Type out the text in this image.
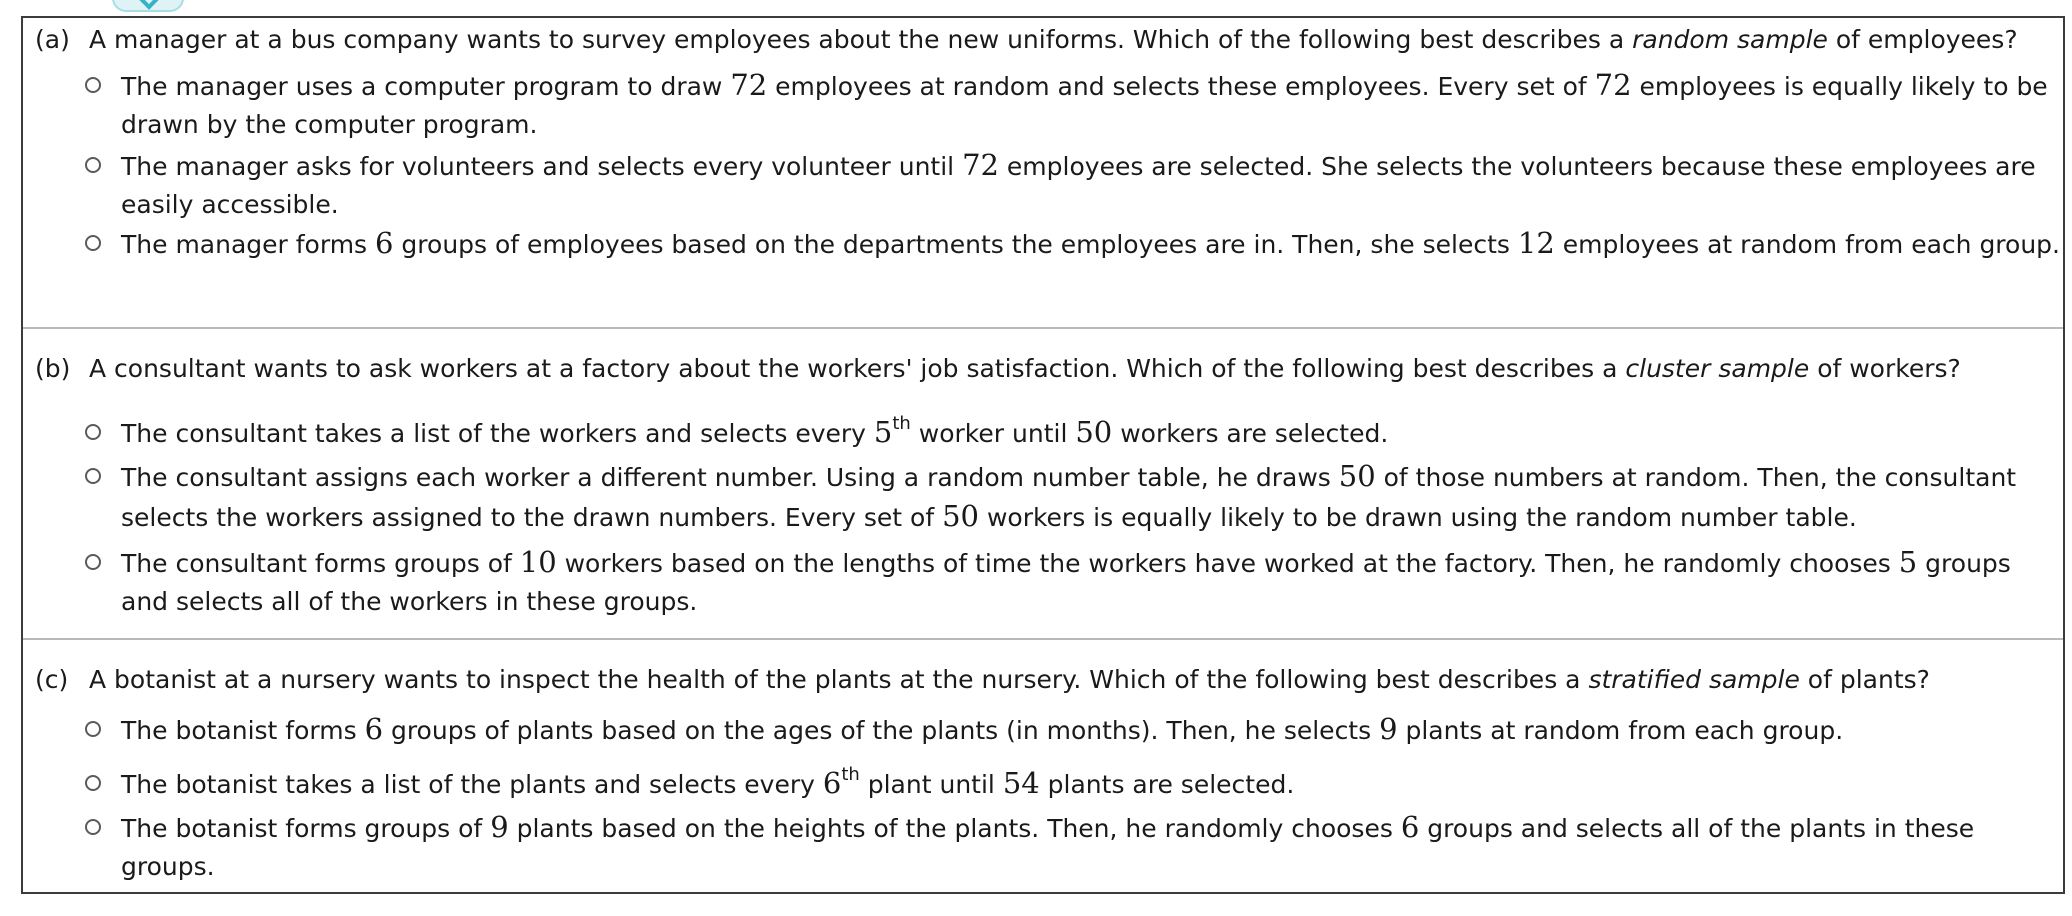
(a) A manager at a bus company wants to survey employees about the new uniforms. Which of the following best describes a random sample of employees?
The manager uses a computer program to draw 72 employees at random and selects these employees. Every set of 72 employees is equally likely to be drawn by the computer program.
The manager asks for volunteers and selects every volunteer until 72 employees are selected. She selects the volunteers because these employees are easily accessible.
The manager forms 6 groups of employees based on the departments the employees are in. Then, she selects 12 employees at random from each group.
(b) A consultant wants to ask workers at a factory about the workers' job satisfaction. Which of the following best describes a cluster sample of workers?
The consultant takes a list of the workers and selects every 5th worker until 50 workers are selected.
The consultant assigns each worker a different number. Using a random number table, he draws 50 of those numbers at random. Then, the consultant selects the workers assigned to the drawn numbers. Every set of 50 workers is equally likely to be drawn using the random number table.
The consultant forms groups of 10 workers based on the lengths of time the workers have worked at the factory. Then, he randomly chooses 5 groups and selects all of the workers in these groups.
(c) A botanist at a nursery wants to inspect the health of the plants at the nursery. Which of the following best describes a stratified sample of plants?
The botanist forms 6 groups of plants based on the ages of the plants (in months). Then, he selects 9 plants at random from each group.
The botanist takes a list of the plants and selects every 6th plant until 54 plants are selected.
The botanist forms groups of 9 plants based on the heights of the plants. Then, he randomly chooses 6 groups and selects all of the plants in these groups.
